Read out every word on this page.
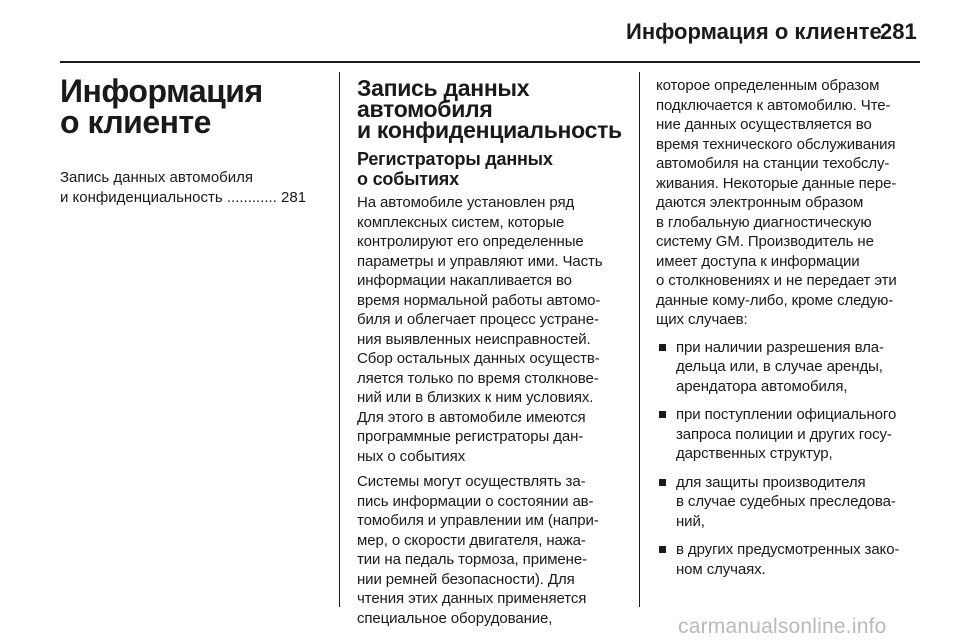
Информация о клиенте
281
Информация
о клиенте
Запись данных автомобиля
и конфиденциальность ............ 281
Запись данных
автомобиля
и конфиденциальность
Регистраторы данных
о событиях
На автомобиле установлен ряд
комплексных систем, которые
контролируют его определенные
параметры и управляют ими. Часть
информации накапливается во
время нормальной работы автомо-
биля и облегчает процесс устране-
ния выявленных неисправностей.
Сбор остальных данных осуществ-
ляется только по время столкнове-
ний или в близких к ним условиях.
Для этого в автомобиле имеются
программные регистраторы дан-
ных о событиях
Системы могут осуществлять за-
пись информации о состоянии ав-
томобиля и управлении им (напри-
мер, о скорости двигателя, нажа-
тии на педаль тормоза, примене-
нии ремней безопасности). Для
чтения этих данных применяется
специальное оборудование,
которое определенным образом
подключается к автомобилю. Чте-
ние данных осуществляется во
время технического обслуживания
автомобиля на станции техобслу-
живания. Некоторые данные пере-
даются электронным образом
в глобальную диагностическую
систему GM. Производитель не
имеет доступа к информации
о столкновениях и не передает эти
данные кому-либо, кроме следую-
щих случаев:
при наличии разрешения вла-
дельца или, в случае аренды,
арендатора автомобиля,
при поступлении официального
запроса полиции и других госу-
дарственных структур,
для защиты производителя
в случае судебных преследова-
ний,
в других предусмотренных зако-
ном случаях.
carmanualsonline.info
